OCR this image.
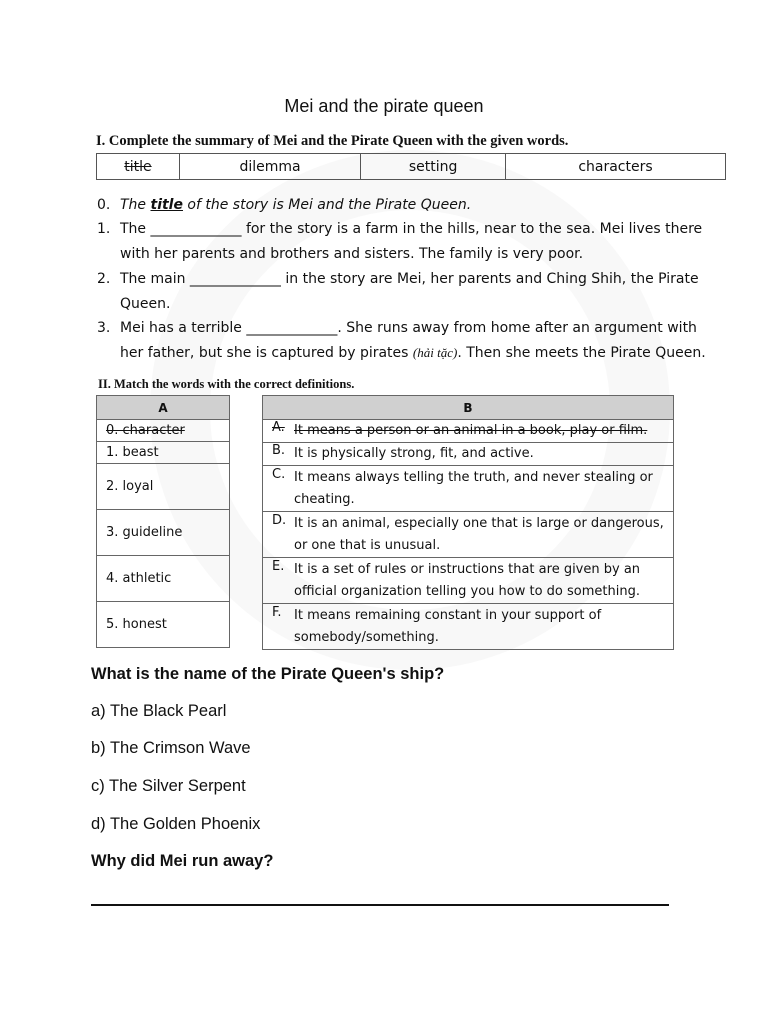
Mei and the pirate queen
I. Complete the summary of Mei and the Pirate Queen with the given words.
title	dilemma	setting	characters
0. The title of the story is Mei and the Pirate Queen.
1. The _____________ for the story is a farm in the hills, near to the sea. Mei lives there
with her parents and brothers and sisters. The family is very poor.
2. The main _____________ in the story are Mei, her parents and Ching Shih, the Pirate
Queen.
3. Mei has a terrible _____________. She runs away from home after an argument with
her father, but she is captured by pirates (hải tặc). Then she meets the Pirate Queen.
II. Match the words with the correct definitions.
A
0. character
1. beast
2. loyal
3. guideline
4. athletic
5. honest
B

A. It means a person or an animal in a book, play or film.

B. It is physically strong, fit, and active.

C. It means always telling the truth, and never stealing or cheating.

D. It is an animal, especially one that is large or dangerous, or one that is unusual.

E. It is a set of rules or instructions that are given by an official organization telling you how to do something.

F. It means remaining constant in your support of somebody/something.
What is the name of the Pirate Queen's ship?
a) The Black Pearl
b) The Crimson Wave
c) The Silver Serpent
d) The Golden Phoenix
Why did Mei run away?
